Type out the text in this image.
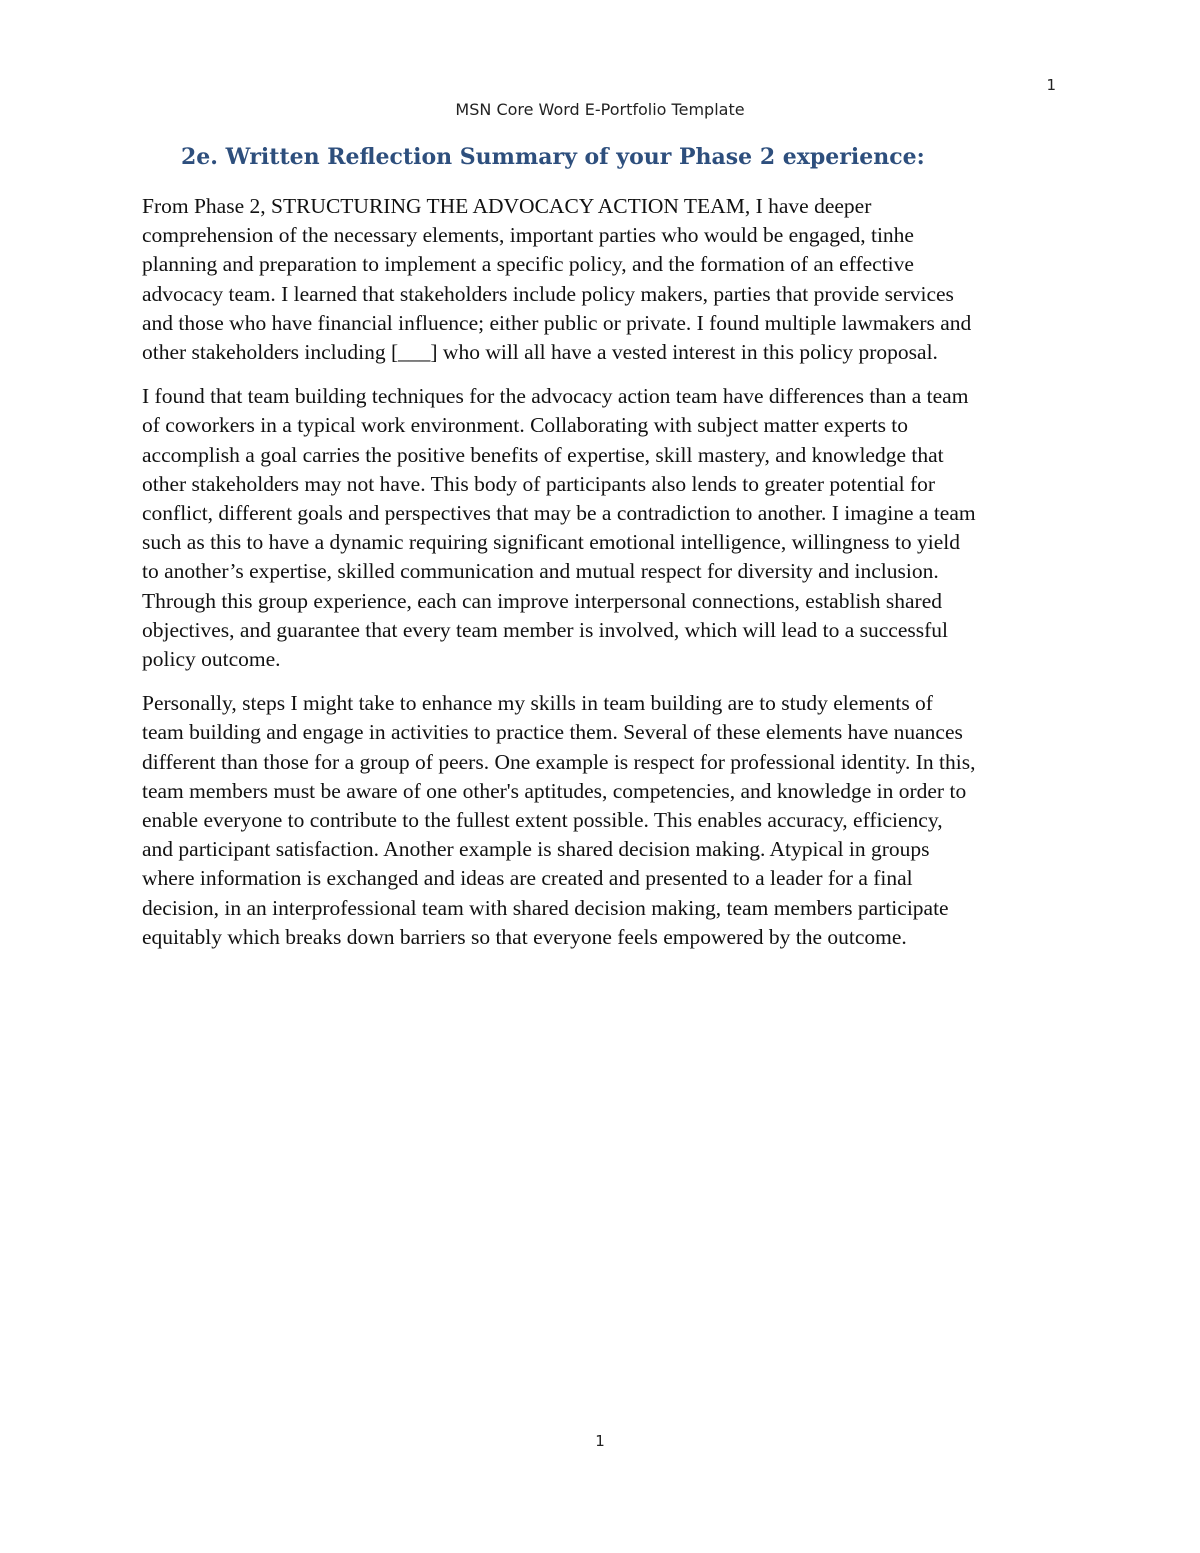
1
MSN Core Word E-Portfolio Template
2e. Written Reflection Summary of your Phase 2 experience:

From Phase 2, STRUCTURING THE ADVOCACY ACTION TEAM, I have deeper
comprehension of the necessary elements, important parties who would be engaged, tinhe
planning and preparation to implement a specific policy, and the formation of an effective
advocacy team. I learned that stakeholders include policy makers, parties that provide services
and those who have financial influence; either public or private. I found multiple lawmakers and
other stakeholders including [___] who will all have a vested interest in this policy proposal.

I found that team building techniques for the advocacy action team have differences than a team
of coworkers in a typical work environment. Collaborating with subject matter experts to
accomplish a goal carries the positive benefits of expertise, skill mastery, and knowledge that
other stakeholders may not have. This body of participants also lends to greater potential for
conflict, different goals and perspectives that may be a contradiction to another. I imagine a team
such as this to have a dynamic requiring significant emotional intelligence, willingness to yield
to another’s expertise, skilled communication and mutual respect for diversity and inclusion.
Through this group experience, each can improve interpersonal connections, establish shared
objectives, and guarantee that every team member is involved, which will lead to a successful
policy outcome.

Personally, steps I might take to enhance my skills in team building are to study elements of
team building and engage in activities to practice them. Several of these elements have nuances
different than those for a group of peers. One example is respect for professional identity. In this,
team members must be aware of one other's aptitudes, competencies, and knowledge in order to
enable everyone to contribute to the fullest extent possible. This enables accuracy, efficiency,
and participant satisfaction. Another example is shared decision making. Atypical in groups
where information is exchanged and ideas are created and presented to a leader for a final
decision, in an interprofessional team with shared decision making, team members participate
equitably which breaks down barriers so that everyone feels empowered by the outcome.

1
